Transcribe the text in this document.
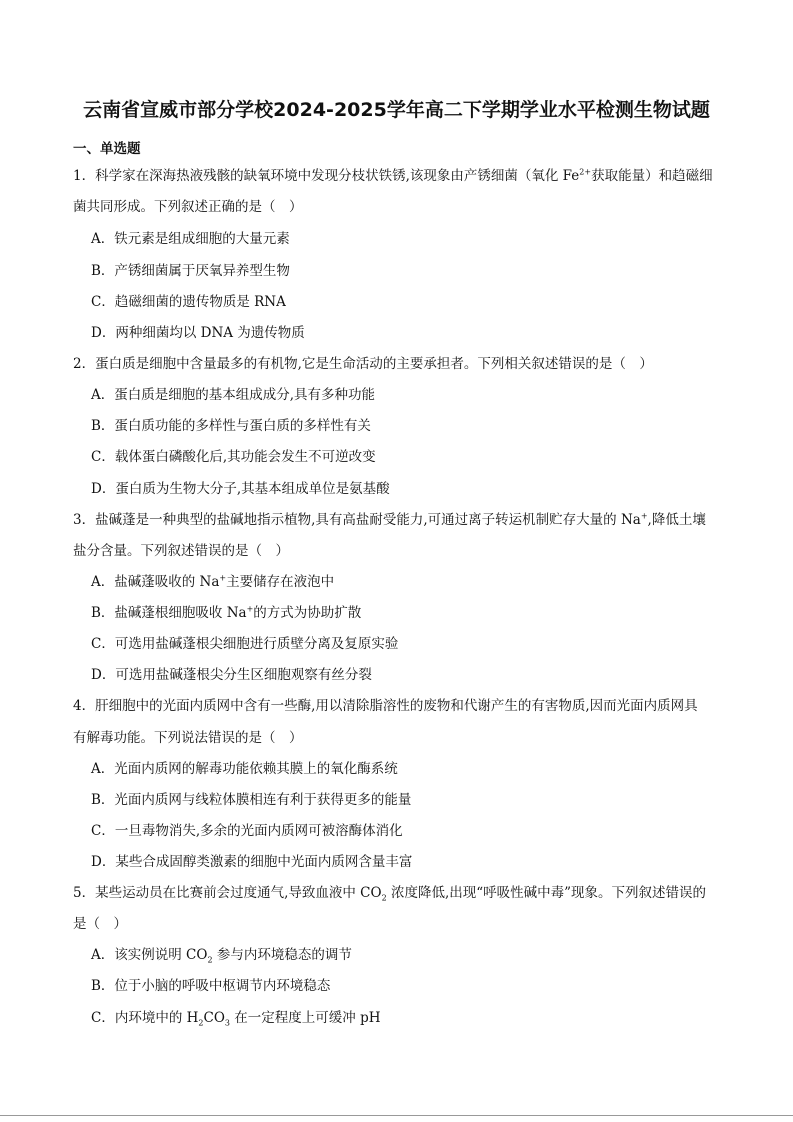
云南省宣威市部分学校2024-2025学年高二下学期学业水平检测生物试题
一、单选题
1．科学家在深海热液残骸的缺氧环境中发现分枝状铁锈,该现象由产锈细菌（氧化 $Fe^{2+}$获取能量）和趋磁细
菌共同形成。下列叙述正确的是（　）
A．铁元素是组成细胞的大量元素
B．产锈细菌属于厌氧异养型生物
C．趋磁细菌的遗传物质是 RNA
D．两种细菌均以 DNA 为遗传物质
2．蛋白质是细胞中含量最多的有机物,它是生命活动的主要承担者。下列相关叙述错误的是（　）
A．蛋白质是细胞的基本组成成分,具有多种功能
B．蛋白质功能的多样性与蛋白质的多样性有关
C．载体蛋白磷酸化后,其功能会发生不可逆改变
D．蛋白质为生物大分子,其基本组成单位是氨基酸
3．盐碱蓬是一种典型的盐碱地指示植物,具有高盐耐受能力,可通过离子转运机制贮存大量的 Na+,降低土壤
盐分含量。下列叙述错误的是（　）
A．盐碱蓬吸收的 Na+主要储存在液泡中
B．盐碱蓬根细胞吸收 Na+的方式为协助扩散
C．可选用盐碱蓬根尖细胞进行质壁分离及复原实验
D．可选用盐碱蓬根尖分生区细胞观察有丝分裂
4．肝细胞中的光面内质网中含有一些酶,用以清除脂溶性的废物和代谢产生的有害物质,因而光面内质网具
有解毒功能。下列说法错误的是（　）
A．光面内质网的解毒功能依赖其膜上的氧化酶系统
B．光面内质网与线粒体膜相连有利于获得更多的能量
C．一旦毒物消失,多余的光面内质网可被溶酶体消化
D．某些合成固醇类激素的细胞中光面内质网含量丰富
5．某些运动员在比赛前会过度通气,导致血液中 $CO_2$ 浓度降低,出现“呼吸性碱中毒”现象。下列叙述错误的
是（　）
A．该实例说明 $CO_2$ 参与内环境稳态的调节
B．位于小脑的呼吸中枢调节内环境稳态
C．内环境中的 $H_2CO_3$ 在一定程度上可缓冲 pH
